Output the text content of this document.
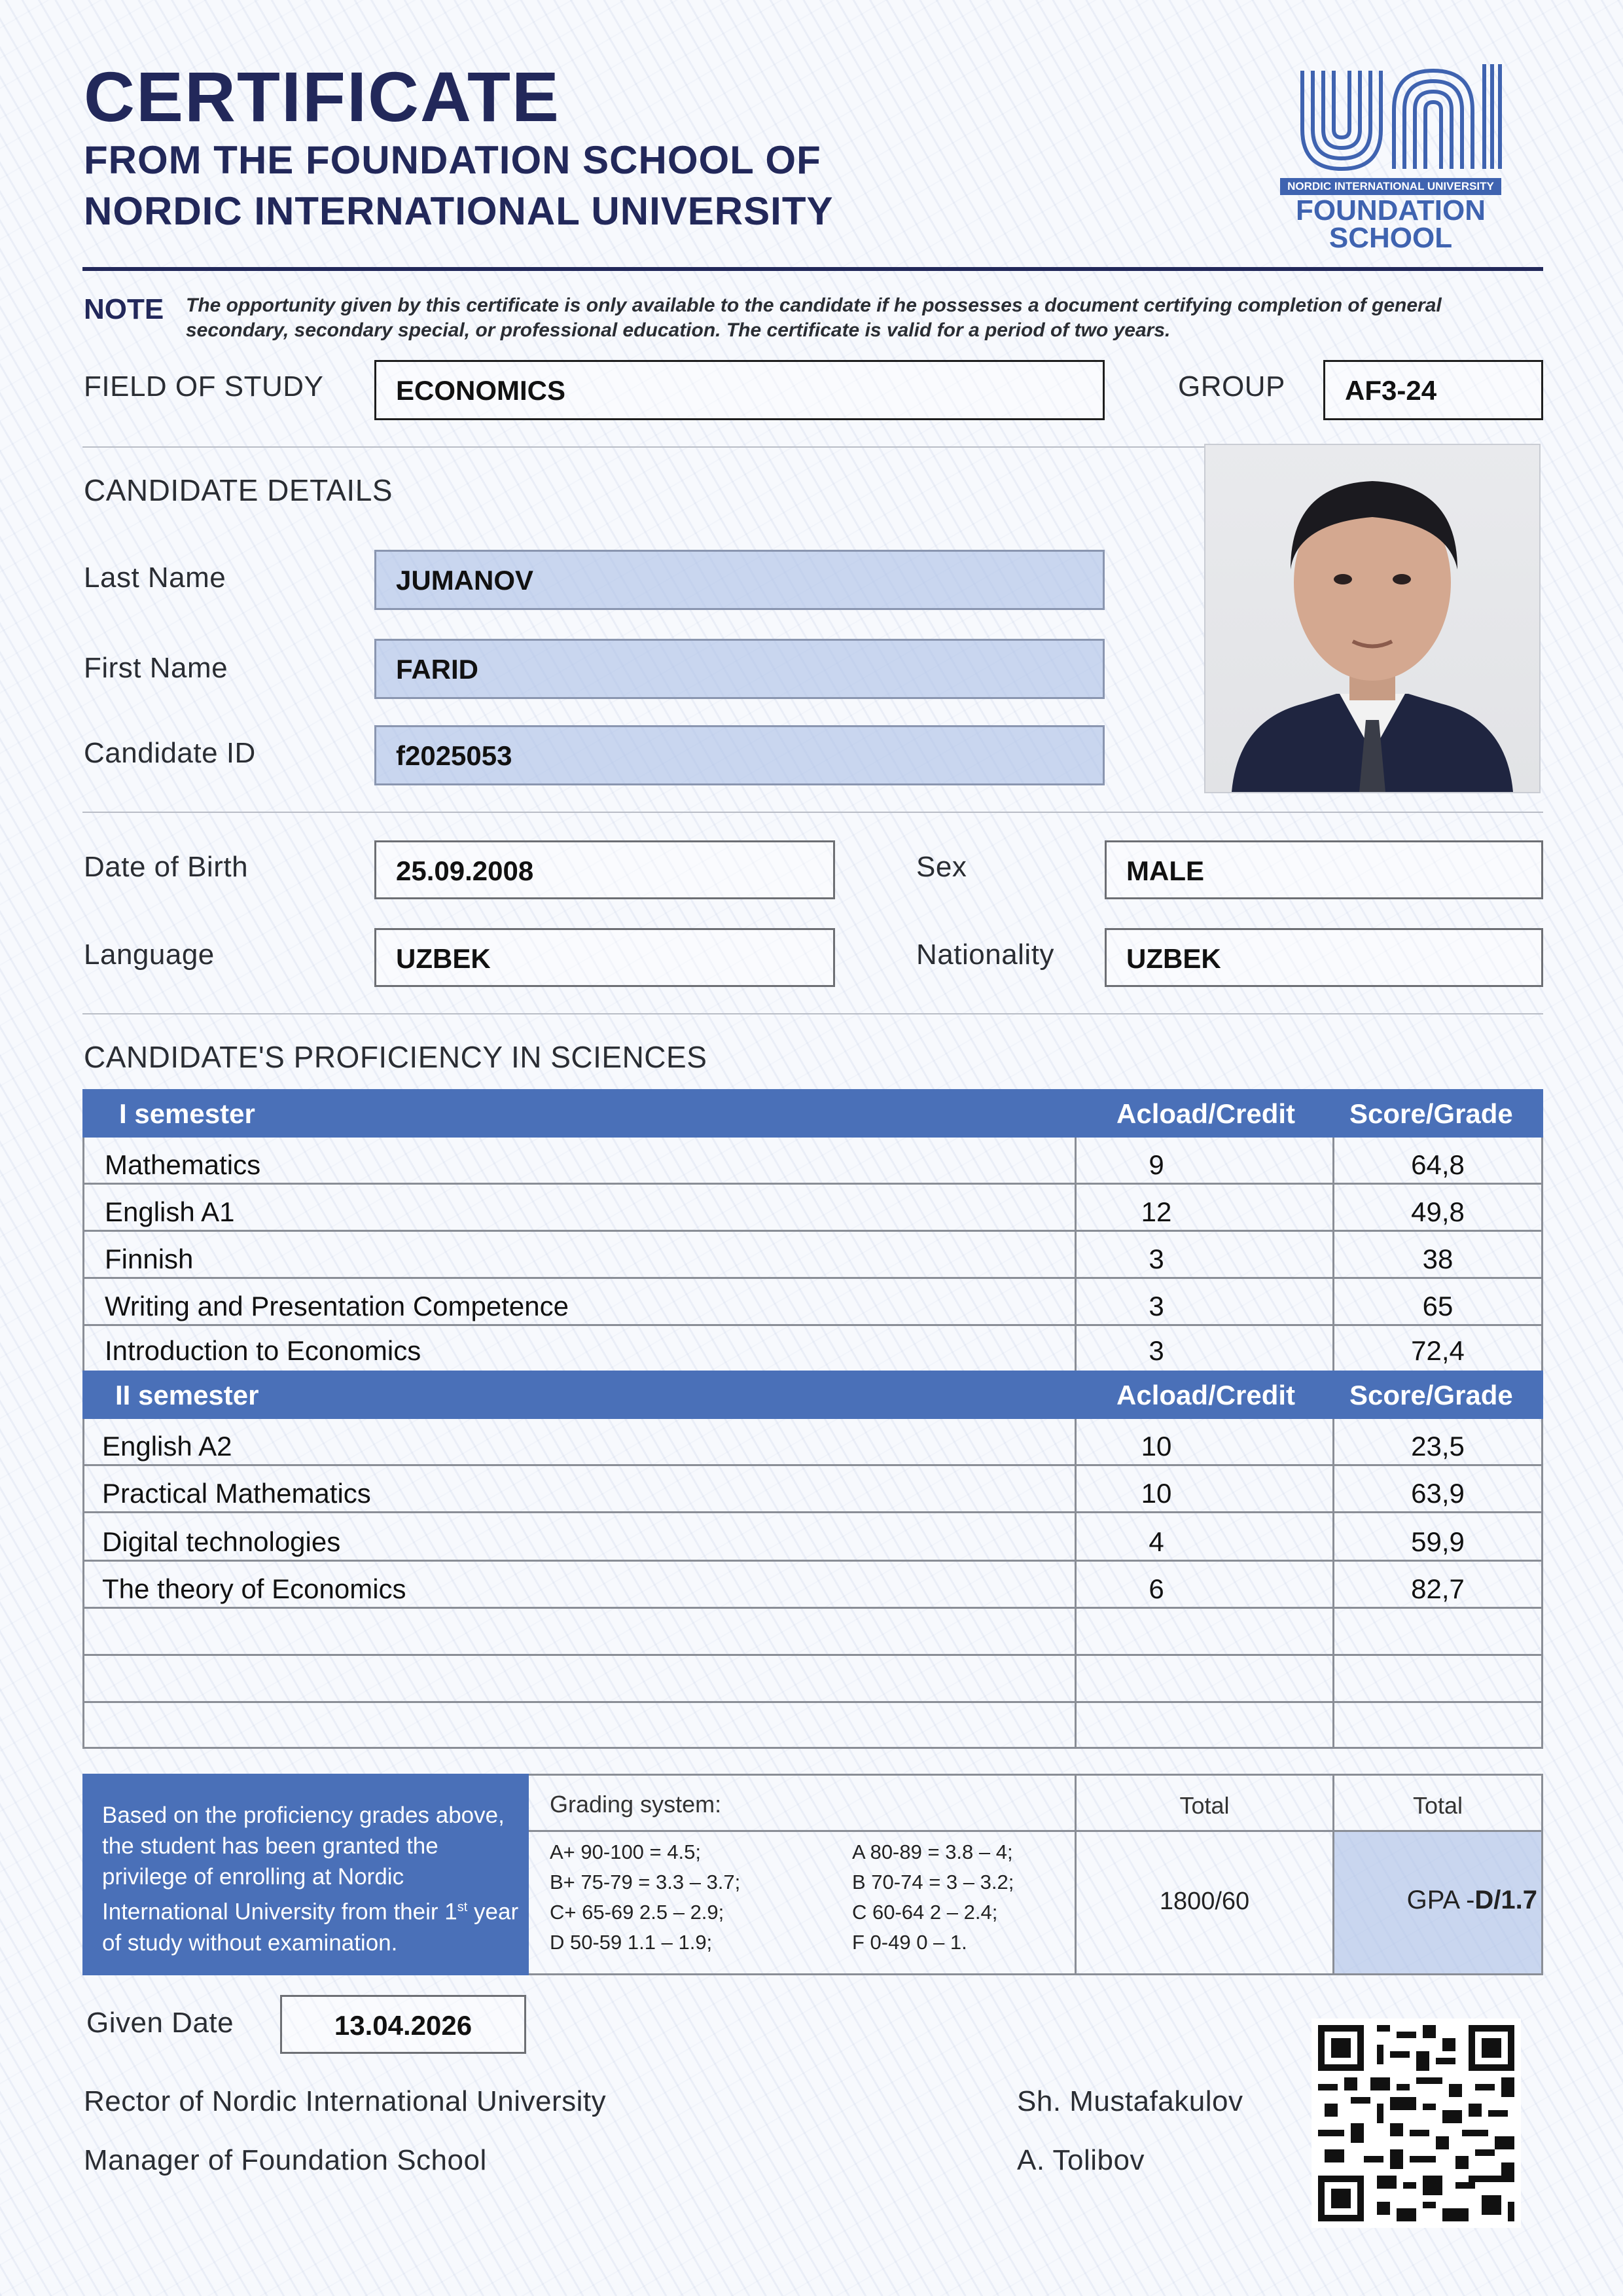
CERTIFICATE
FROM THE FOUNDATION SCHOOL OF
NORDIC INTERNATIONAL UNIVERSITY
NORDIC INTERNATIONAL UNIVERSITY
FOUNDATION
SCHOOL
NOTE The opportunity given by this certificate is only available to the candidate if he possesses a document certifying completion of general secondary, secondary special, or professional education. The certificate is valid for a period of two years.
FIELD OF STUDY	ECONOMICS	GROUP AF3-24
CANDIDATE DETAILS
Last Name	JUMANOV
First Name	FARID
Candidate ID	f2025053
Date of Birth	25.09.2008	Sex	MALE
Language	UZBEK	Nationality	UZBEK
CANDIDATE'S PROFICIENCY IN SCIENCES
I semester	Acload/Credit Score/Grade
Mathematics	9	64,8
English A1	12	49,8
Finnish	3	38
Writing and Presentation Competence	3	65
Introduction to Economics	3	72,4
II semester	Acload/Credit Score/Grade
English A2	10	23,5
Practical Mathematics	10	63,9
Digital technologies	4	59,9
The theory of Economics	6	82,7

Based on the proficiency grades above, the student has been granted the privilege of enrolling at Nordic International University from their 1st year of study without examination.

Grading system:
A+ 90-100 = 4.5;	A 80-89 = 3.8 – 4;
B+ 75-79 = 3.3 – 3.7;	B 70-74 = 3 – 3.2;
C+ 65-69 2.5 – 2.9;	C 60-64 2 – 2.4;
D 50-59 1.1 – 1.9;	F 0-49 0 – 1.
Total	Total
1800/60	GPA -D/1.7
Given Date	13.04.2026
Rector of Nordic International University	Sh. Mustafakulov
Manager of Foundation School	A. Tolibov
